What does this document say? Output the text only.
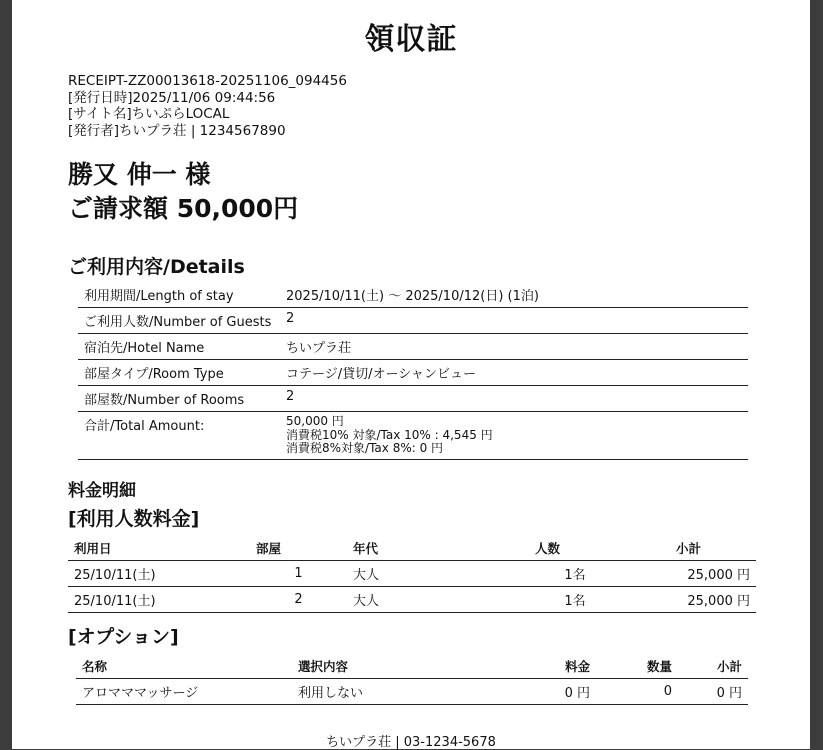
領収証
RECEIPT-ZZ00013618-20251106_094456
[発行日時]2025/11/06 09:44:56
[サイト名]ちいぷらLOCAL
[発行者]ちいプラ荘 | 1234567890
勝又 伸一 様
ご請求額 50,000円
ご利用内容/Details
利用期間/Length of stay	2025/10/11(土) ～ 2025/10/12(日) (1泊)
ご利用人数/Number of Guests	2
宿泊先/Hotel Name	ちいプラ荘
部屋タイプ/Room Type	コテージ/貸切/オーシャンビュー
部屋数/Number of Rooms	2
合計/Total Amount:	50,000 円
消費税10% 対象/Tax 10% : 4,545 円
消費税8%対象/Tax 8%: 0 円
料金明細
[利用人数料金]
利用日	部屋	年代	人数	小計
25/10/11(土)	1	大人	1名	25,000 円
25/10/11(土)	2	大人	1名	25,000 円
[オプション]
名称	選択内容	料金	数量	小計
アロマママッサージ	利用しない	0 円	0	0 円
ちいプラ荘 | 03-1234-5678
